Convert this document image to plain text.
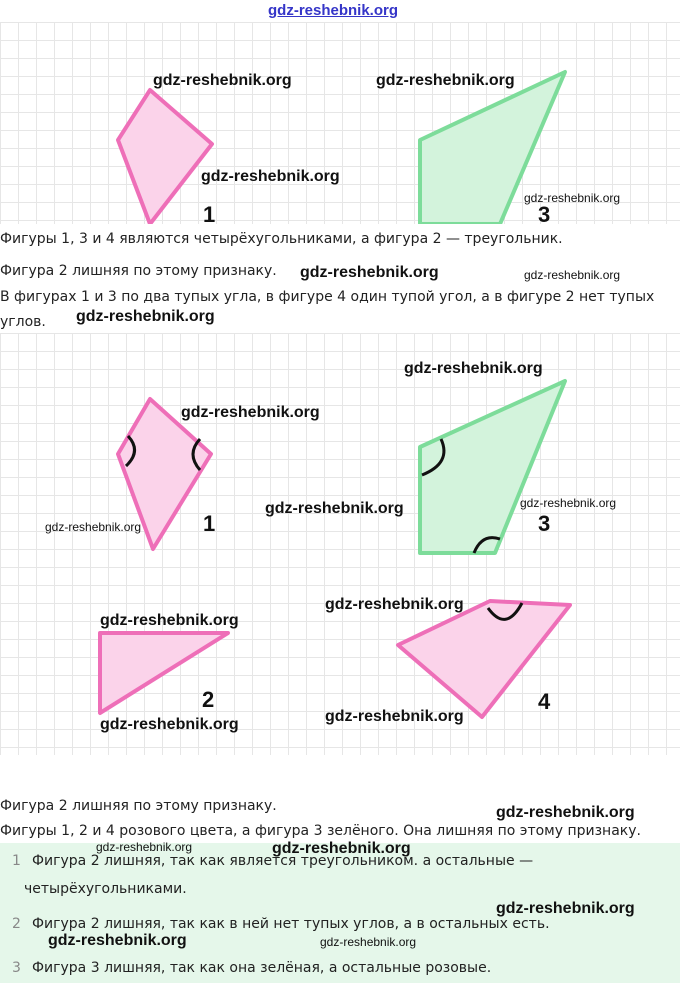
gdz-reshebnik.org
1	3
Фигуры 1, 3 и 4 являются четырёхугольниками, а фигура 2 — треугольник.
Фигура 2 лишняя по этому признаку.
В фигурах 1 и 3 по два тупых угла, в фигуре 4 один тупой угол, а в фигуре 2 нет тупых
углов.
1	3
2	4
Фигура 2 лишняя по этому признаку.
Фигуры 1, 2 и 4 розового цвета, а фигура 3 зелёного. Она лишняя по этому признаку.
1 Фигура 2 лишняя, так как является треугольником. а остальные —
четырёхугольниками.
2 Фигура 2 лишняя, так как в ней нет тупых углов, а в остальных есть.
3 Фигура 3 лишняя, так как она зелёная, а остальные розовые.
gdz-reshebnik.org	gdz-reshebnik.org
gdz-reshebnik.org
gdz-reshebnik.org
gdz-reshebnik.org	gdz-reshebnik.org
gdz-reshebnik.org
gdz-reshebnik.org
gdz-reshebnik.org
gdz-reshebnik.org	gdz-reshebnik.org
gdz-reshebnik.org
gdz-reshebnik.org
gdz-reshebnik.org
gdz-reshebnik.org
gdz-reshebnik.org
gdz-reshebnik.org
gdz-reshebnik.org	gdz-reshebnik.org
gdz-reshebnik.org
gdz-reshebnik.org	gdz-reshebnik.org
